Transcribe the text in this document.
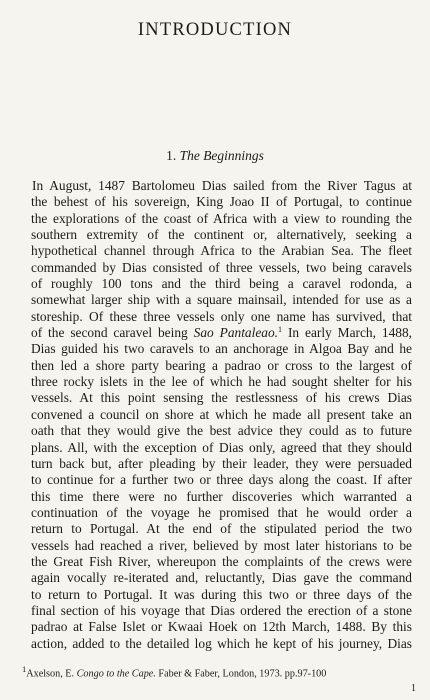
INTRODUCTION
1. The Beginnings
In August, 1487 Bartolomeu Dias sailed from the River Tagus at
the behest of his sovereign, King Joao II of Portugal, to continue
the explorations of the coast of Africa with a view to rounding the
southern extremity of the continent or, alternatively, seeking a
hypothetical channel through Africa to the Arabian Sea. The fleet
commanded by Dias consisted of three vessels, two being caravels
of roughly 100 tons and the third being a caravel rodonda, a
somewhat larger ship with a square mainsail, intended for use as a
storeship. Of these three vessels only one name has survived, that
of the second caravel being Sao Pantaleao.$^1$ In early March, 1488,
Dias guided his two caravels to an anchorage in Algoa Bay and he
then led a shore party bearing a padrao or cross to the largest of
three rocky islets in the lee of which he had sought shelter for his
vessels. At this point sensing the restlessness of his crews Dias
convened a council on shore at which he made all present take an
oath that they would give the best advice they could as to future
plans. All, with the exception of Dias only, agreed that they should
turn back but, after pleading by their leader, they were persuaded
to continue for a further two or three days along the coast. If after
this time there were no further discoveries which warranted a
continuation of the voyage he promised that he would order a
return to Portugal. At the end of the stipulated period the two
vessels had reached a river, believed by most later historians to be
the Great Fish River, whereupon the complaints of the crews were
again vocally re-iterated and, reluctantly, Dias gave the command
to return to Portugal. It was during this two or three days of the
final section of his voyage that Dias ordered the erection of a stone
padrao at False Islet or Kwaai Hoek on 12th March, 1488. By this
action, added to the detailed log which he kept of his journey, Dias
$^1$Axelson, E. Congo to the Cape. Faber & Faber, London, 1973. pp.97-100
1
